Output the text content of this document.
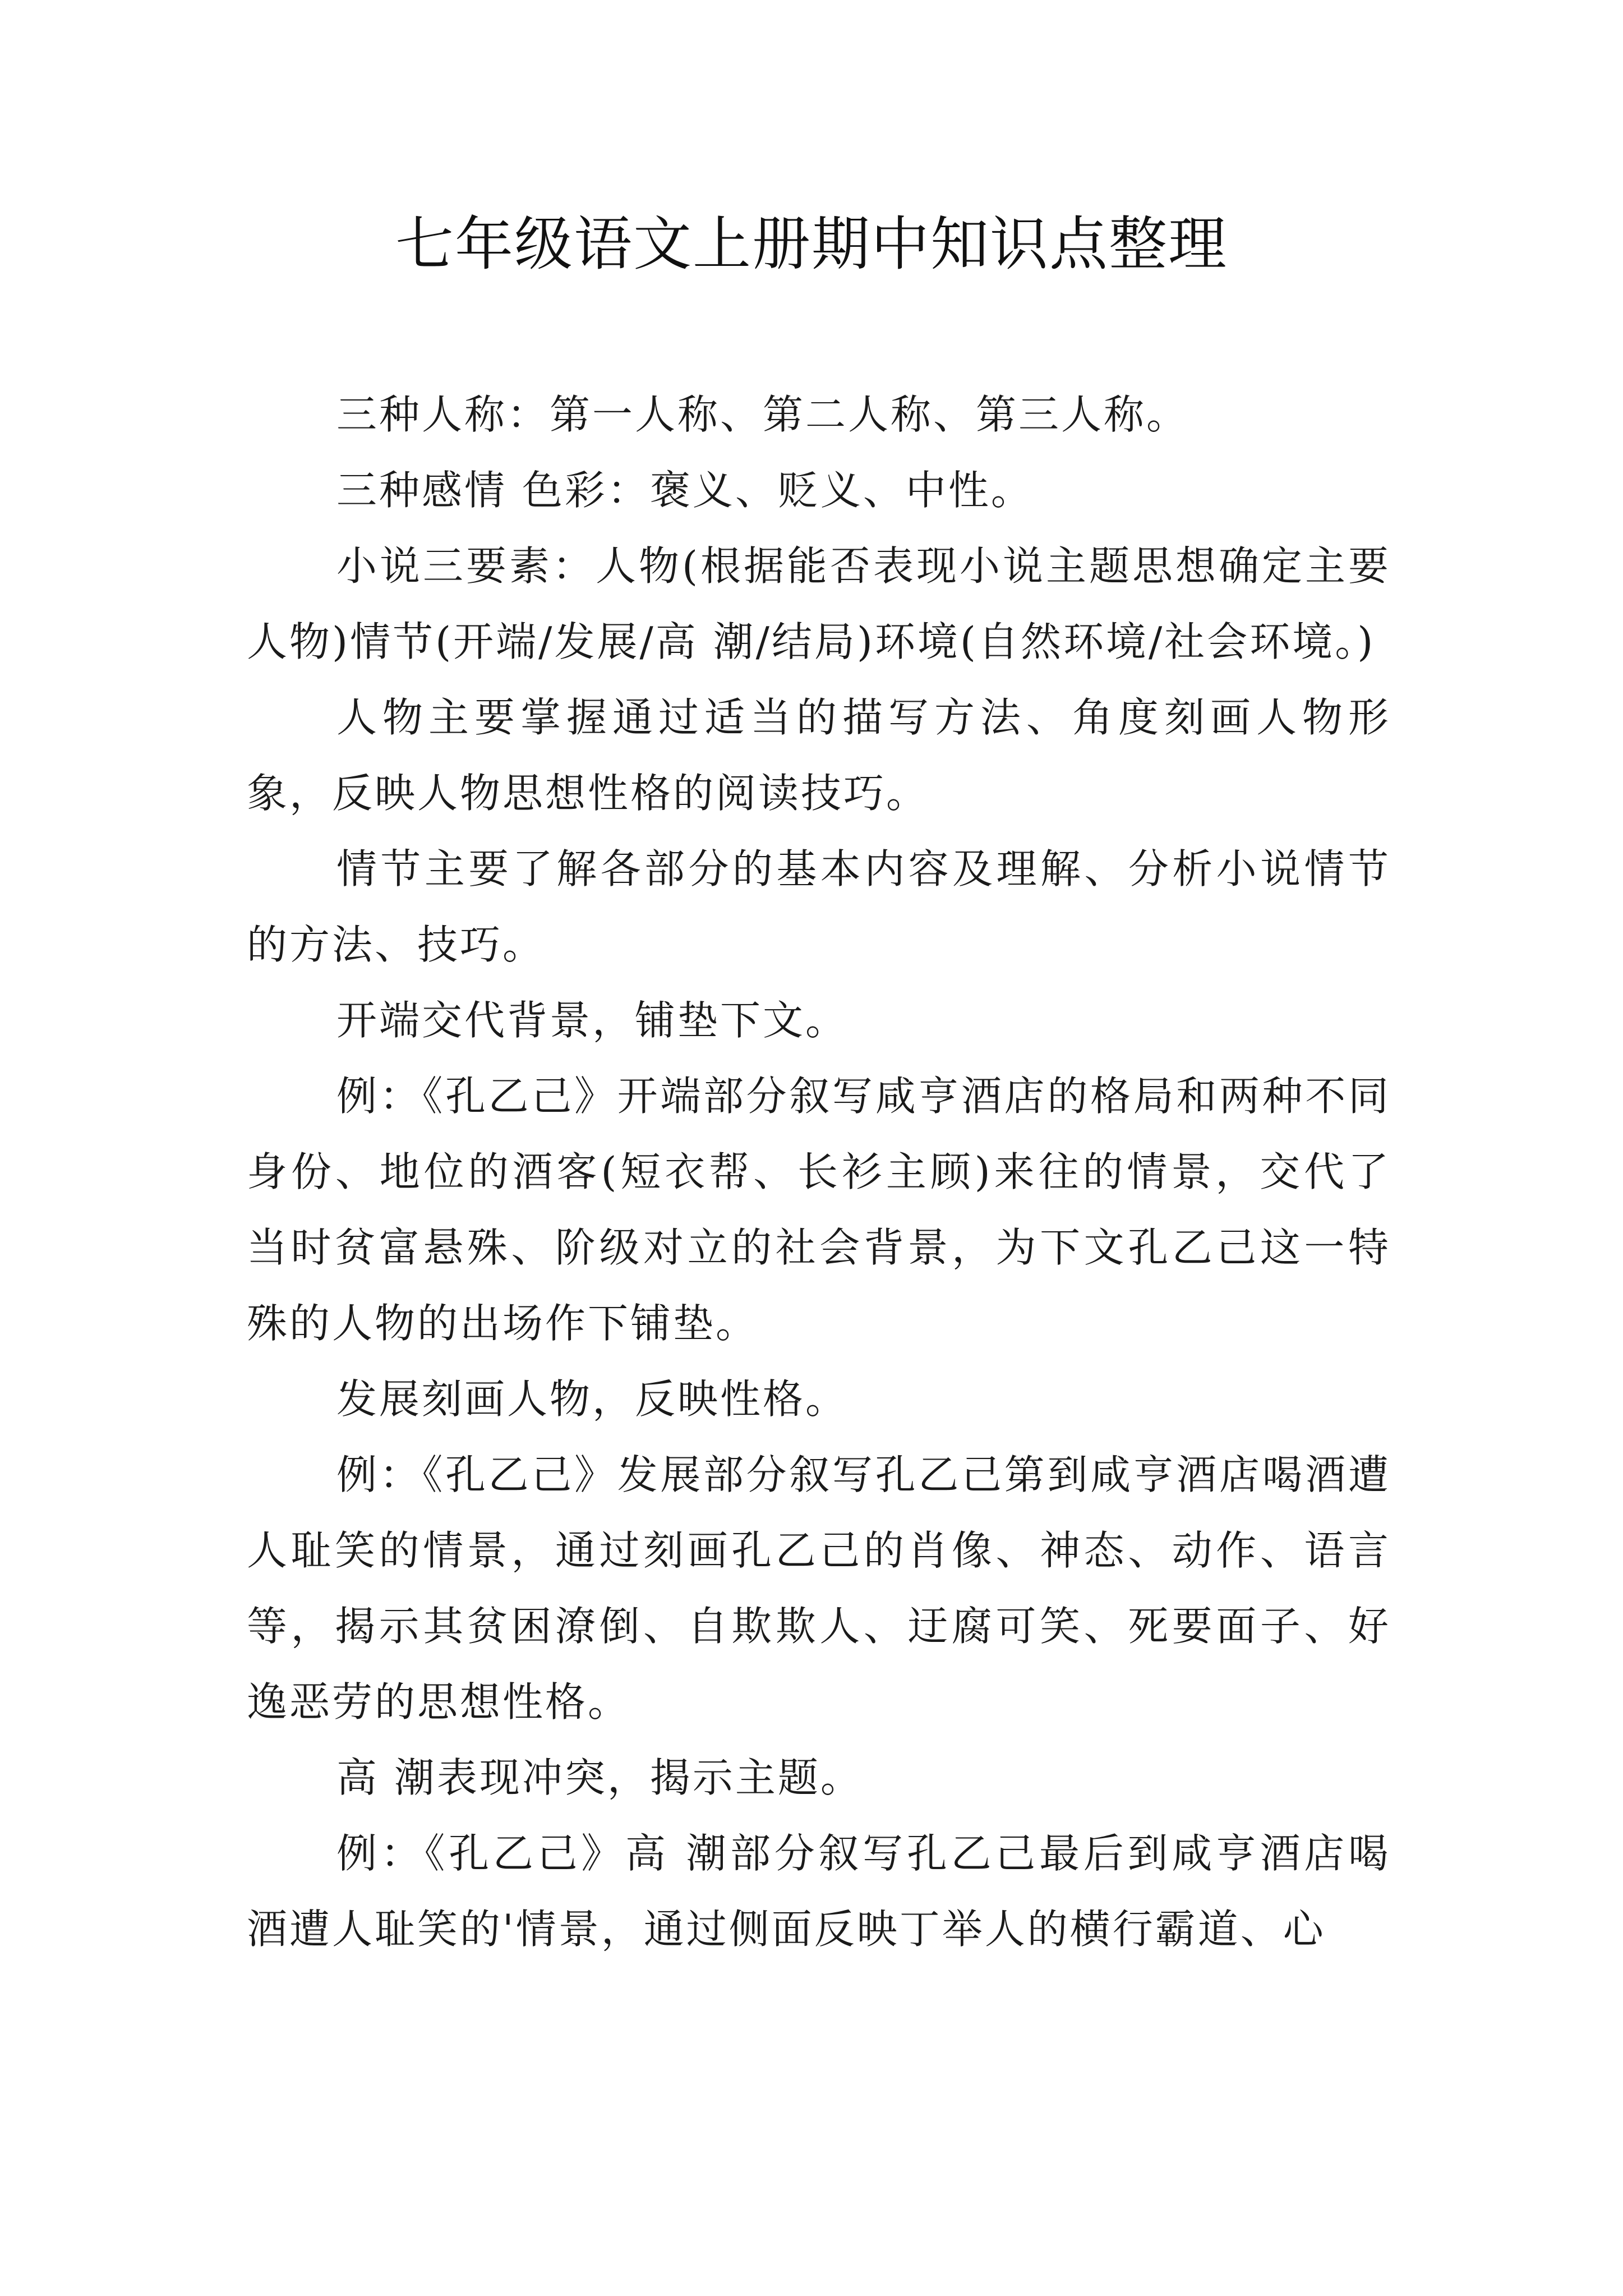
七年级语文上册期中知识点整理

三种人称：第一人称、第二人称、第三人称。

三种感情 色彩：褒义、贬义、中性。

小说三要素：人物(根据能否表现小说主题思想确定主要人物)情节(开端/发展/高 潮/结局)环境(自然环境/社会环境。)

人物主要掌握通过适当的描写方法、角度刻画人物形象，反映人物思想性格的阅读技巧。

情节主要了解各部分的基本内容及理解、分析小说情节的方法、技巧。

开端交代背景，铺垫下文。

例：《孔乙己》开端部分叙写咸亨酒店的格局和两种不同身份、地位的酒客(短衣帮、长衫主顾)来往的情景，交代了当时贫富悬殊、阶级对立的社会背景，为下文孔乙己这一特殊的人物的出场作下铺垫。

发展刻画人物，反映性格。

例：《孔乙己》发展部分叙写孔乙己第到咸亨酒店喝酒遭人耻笑的情景，通过刻画孔乙己的肖像、神态、动作、语言等，揭示其贫困潦倒、自欺欺人、迂腐可笑、死要面子、好逸恶劳的思想性格。

高 潮表现冲突，揭示主题。

例：《孔乙己》高 潮部分叙写孔乙己最后到咸亨酒店喝酒遭人耻笑的'情景，通过侧面反映丁举人的横行霸道、心
